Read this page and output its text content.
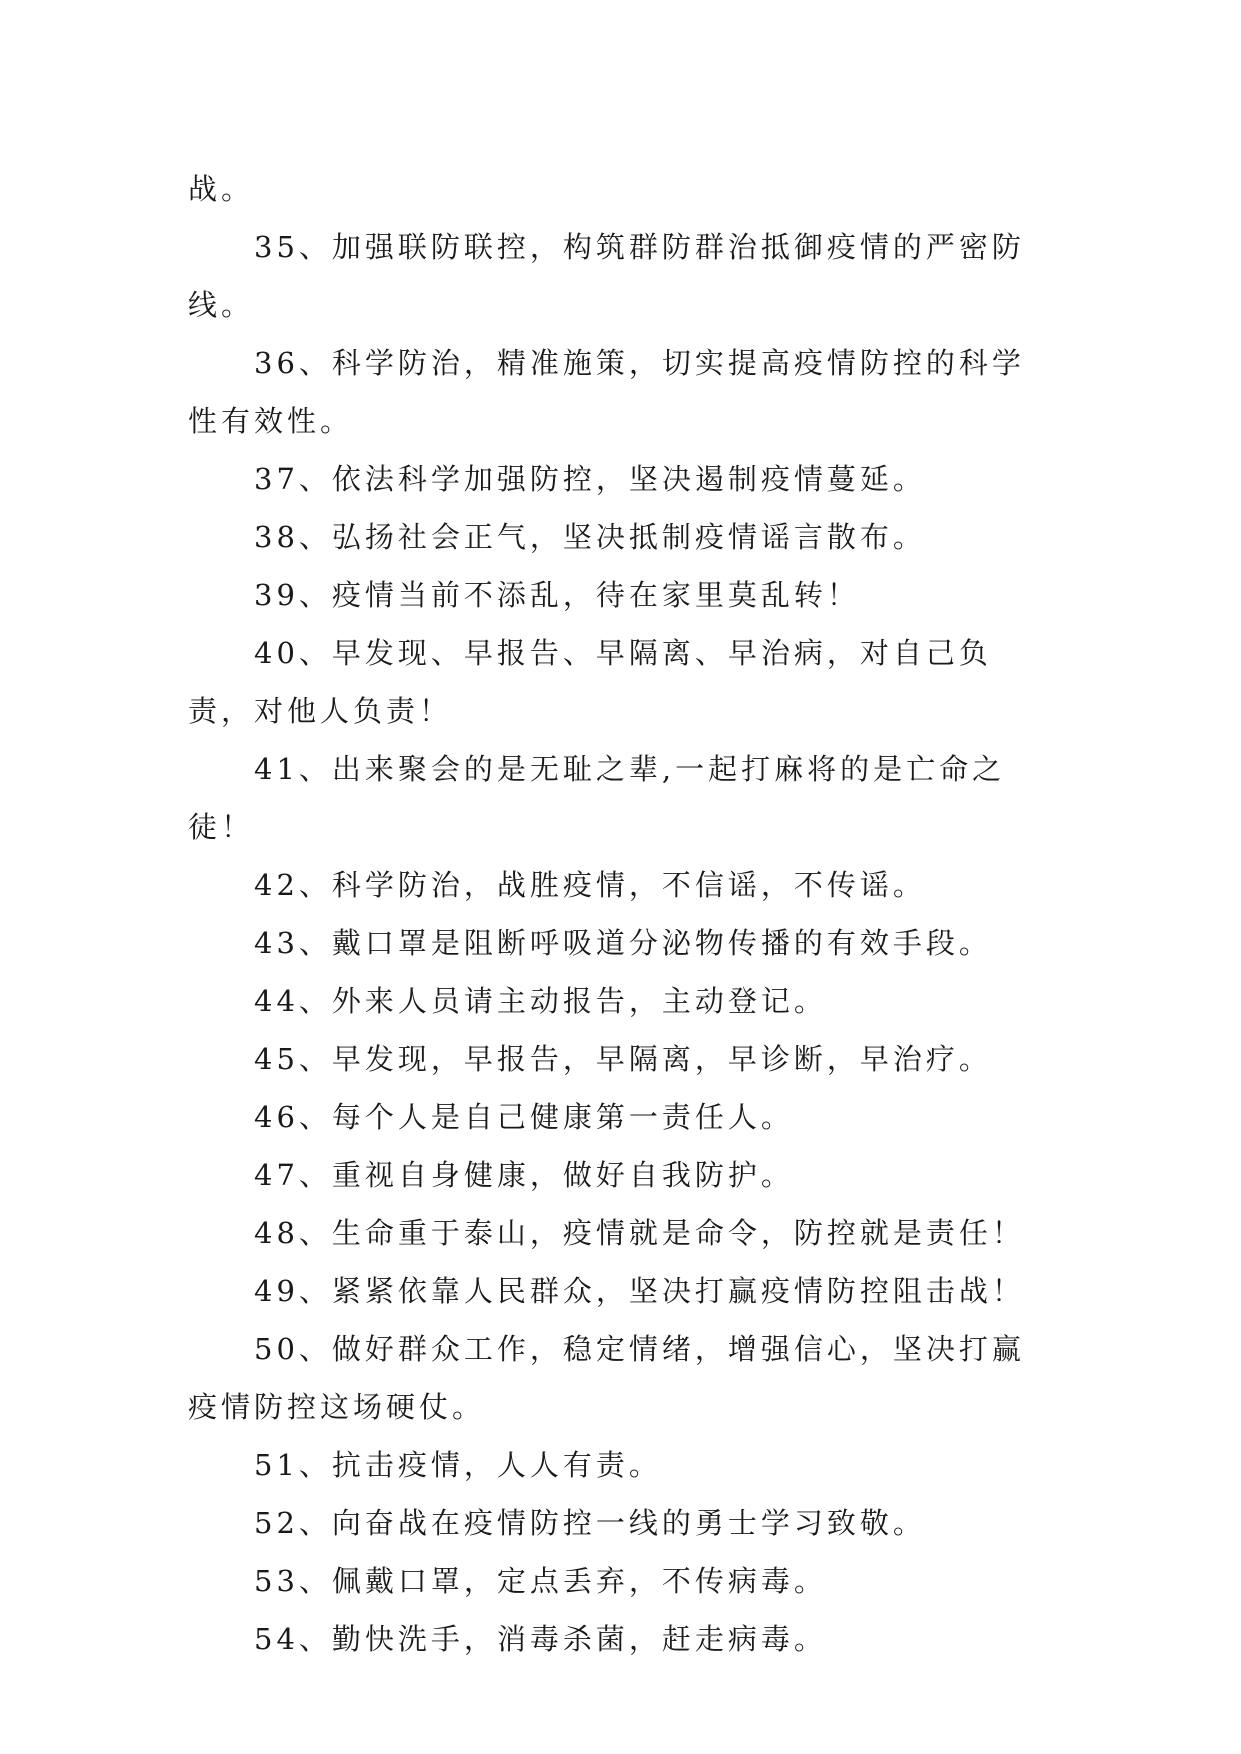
战。

35、加强联防联控，构筑群防群治抵御疫情的严密防线。

36、科学防治，精准施策，切实提高疫情防控的科学性有效性。

37、依法科学加强防控，坚决遏制疫情蔓延。

38、弘扬社会正气，坚决抵制疫情谣言散布。

39、疫情当前不添乱，待在家里莫乱转！

40、早发现、早报告、早隔离、早治病，对自己负责，对他人负责！

41、出来聚会的是无耻之辈,一起打麻将的是亡命之徒！

42、科学防治，战胜疫情，不信谣，不传谣。

43、戴口罩是阻断呼吸道分泌物传播的有效手段。

44、外来人员请主动报告，主动登记。

45、早发现，早报告，早隔离，早诊断，早治疗。

46、每个人是自己健康第一责任人。

47、重视自身健康，做好自我防护。

48、生命重于泰山，疫情就是命令，防控就是责任！

49、紧紧依靠人民群众，坚决打赢疫情防控阻击战！

50、做好群众工作，稳定情绪，增强信心，坚决打赢疫情防控这场硬仗。

51、抗击疫情，人人有责。

52、向奋战在疫情防控一线的勇士学习致敬。

53、佩戴口罩，定点丢弃，不传病毒。

54、勤快洗手，消毒杀菌，赶走病毒。
